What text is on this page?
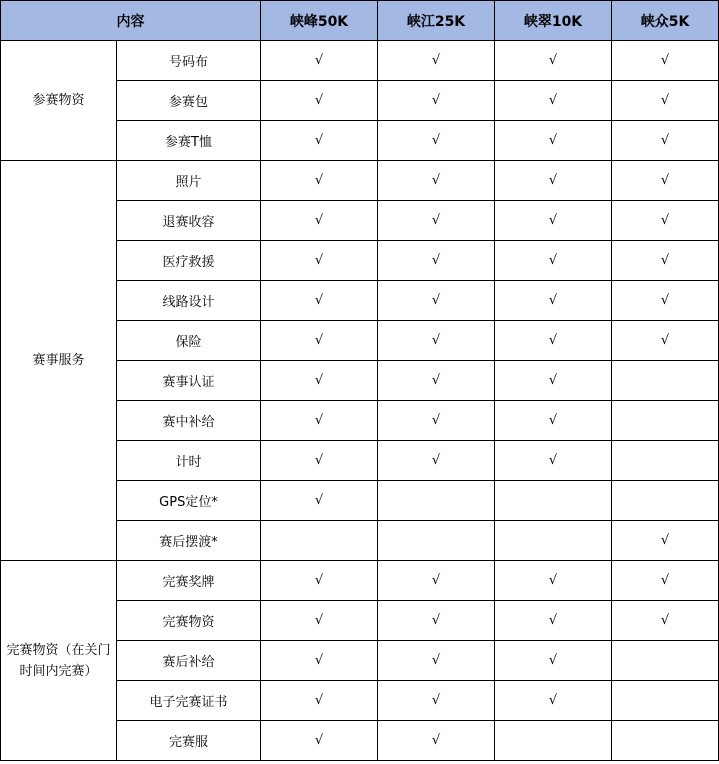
内容		峡峰50K	峡江25K	峡翠10K	峡众5K
参赛物资	号码布	√	√	√	√
	参赛包	√	√	√	√
	参赛T恤	√	√	√	√
赛事服务	照片	√	√	√	√
	退赛收容	√	√	√	√
	医疗救援	√	√	√	√
	线路设计	√	√	√	√
	保险	√	√	√	√
	赛事认证	√	√	√	
	赛中补给	√	√	√	
	计时	√	√	√	
	GPS定位*	√			
	赛后摆渡*				√
完赛物资（在关门时间内完赛）	完赛奖牌	√	√	√	√
	完赛物资	√	√	√	√
	赛后补给	√	√	√	
	电子完赛证书	√	√	√	
	完赛服	√	√		
